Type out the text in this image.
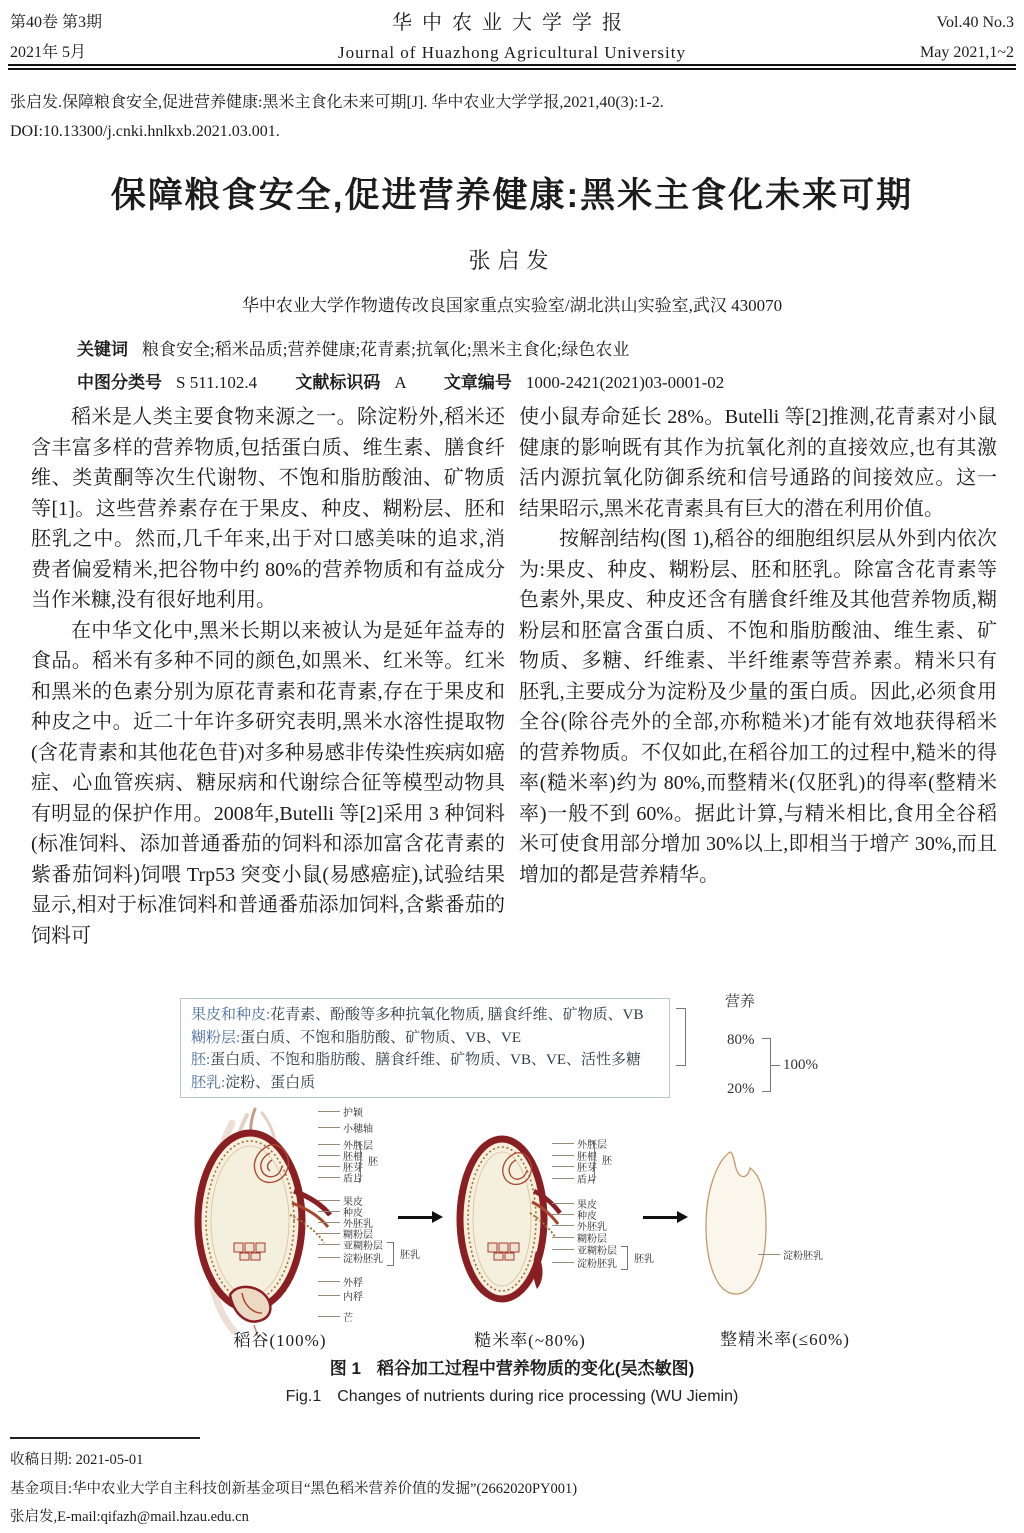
第40卷 第3期
2021年 5月
华中农业大学学报
Journal of Huazhong Agricultural University
Vol.40 No.3
May 2021,1~2
张启发.保障粮食安全,促进营养健康:黑米主食化未来可期[J]. 华中农业大学学报,2021,40(3):1-2.
DOI:10.13300/j.cnki.hnlkxb.2021.03.001.
保障粮食安全,促进营养健康:黑米主食化未来可期
张启发
华中农业大学作物遗传改良国家重点实验室/湖北洪山实验室,武汉 430070
关键词 粮食安全;稻米品质;营养健康;花青素;抗氧化;黑米主食化;绿色农业
中图分类号 S 511.102.4 文献标识码 A 文章编号 1000-2421(2021)03-0001-02

稻米是人类主要食物来源之一。除淀粉外,稻米还含丰富多样的营养物质,包括蛋白质、维生素、膳食纤维、类黄酮等次生代谢物、不饱和脂肪酸油、矿物质等[1]。这些营养素存在于果皮、种皮、糊粉层、胚和胚乳之中。然而,几千年来,出于对口感美味的追求,消费者偏爱精米,把谷物中约 80%的营养物质和有益成分当作米糠,没有很好地利用。

在中华文化中,黑米长期以来被认为是延年益寿的食品。稻米有多种不同的颜色,如黑米、红米等。红米和黑米的色素分别为原花青素和花青素,存在于果皮和种皮之中。近二十年许多研究表明,黑米水溶性提取物(含花青素和其他花色苷)对多种易感非传染性疾病如癌症、心血管疾病、糖尿病和代谢综合征等模型动物具有明显的保护作用。2008年,Butelli 等[2]采用 3 种饲料(标准饲料、添加普通番茄的饲料和添加富含花青素的紫番茄饲料)饲喂 Trp53 突变小鼠(易感癌症),试验结果显示,相对于标准饲料和普通番茄添加饲料,含紫番茄的饲料可

使小鼠寿命延长 28%。Butelli 等[2]推测,花青素对小鼠健康的影响既有其作为抗氧化剂的直接效应,也有其激活内源抗氧化防御系统和信号通路的间接效应。这一结果昭示,黑米花青素具有巨大的潜在利用价值。

按解剖结构(图 1),稻谷的细胞组织层从外到内依次为:果皮、种皮、糊粉层、胚和胚乳。除富含花青素等色素外,果皮、种皮还含有膳食纤维及其他营养物质,糊粉层和胚富含蛋白质、不饱和脂肪酸油、维生素、矿物质、多糖、纤维素、半纤维素等营养素。精米只有胚乳,主要成分为淀粉及少量的蛋白质。因此,必须食用全谷(除谷壳外的全部,亦称糙米)才能有效地获得稻米的营养物质。不仅如此,在稻谷加工的过程中,糙米的得率(糙米率)约为 80%,而整精米(仅胚乳)的得率(整精米率)一般不到 60%。据此计算,与精米相比,食用全谷稻米可使食用部分增加 30%以上,即相当于增产 30%,而且增加的都是营养精华。

果皮和种皮:花青素、酚酸等多种抗氧化物质, 膳食纤维、矿物质、VB
糊粉层:蛋白质、不饱和脂肪酸、矿物质、VB、VE
胚:蛋白质、不饱和脂肪酸、膳食纤维、矿物质、VB、VE、活性多糖
胚乳:淀粉、蛋白质
营养
80%
100%
20%
护颖
小穗轴
外胚层
胚根
胚芽
盾片
胚
果皮
种皮
外胚乳
糊粉层
亚糊粉层
淀粉胚乳 胚乳
外稃
内稃
芒
稻谷(100%)
外胚层
胚根
胚芽
盾片
胚
果皮
种皮
外胚乳
糊粉层
亚糊粉层
淀粉胚乳 胚乳
糙米率(~80%)
淀粉胚乳
整精米率(≤60%)
图 1 稻谷加工过程中营养物质的变化(吴杰敏图)
Fig.1 Changes of nutrients during rice processing (WU Jiemin)
收稿日期: 2021-05-01
基金项目:华中农业大学自主科技创新基金项目“黑色稻米营养价值的发掘”(2662020PY001)
张启发,E-mail:qifazh@mail.hzau.edu.cn
